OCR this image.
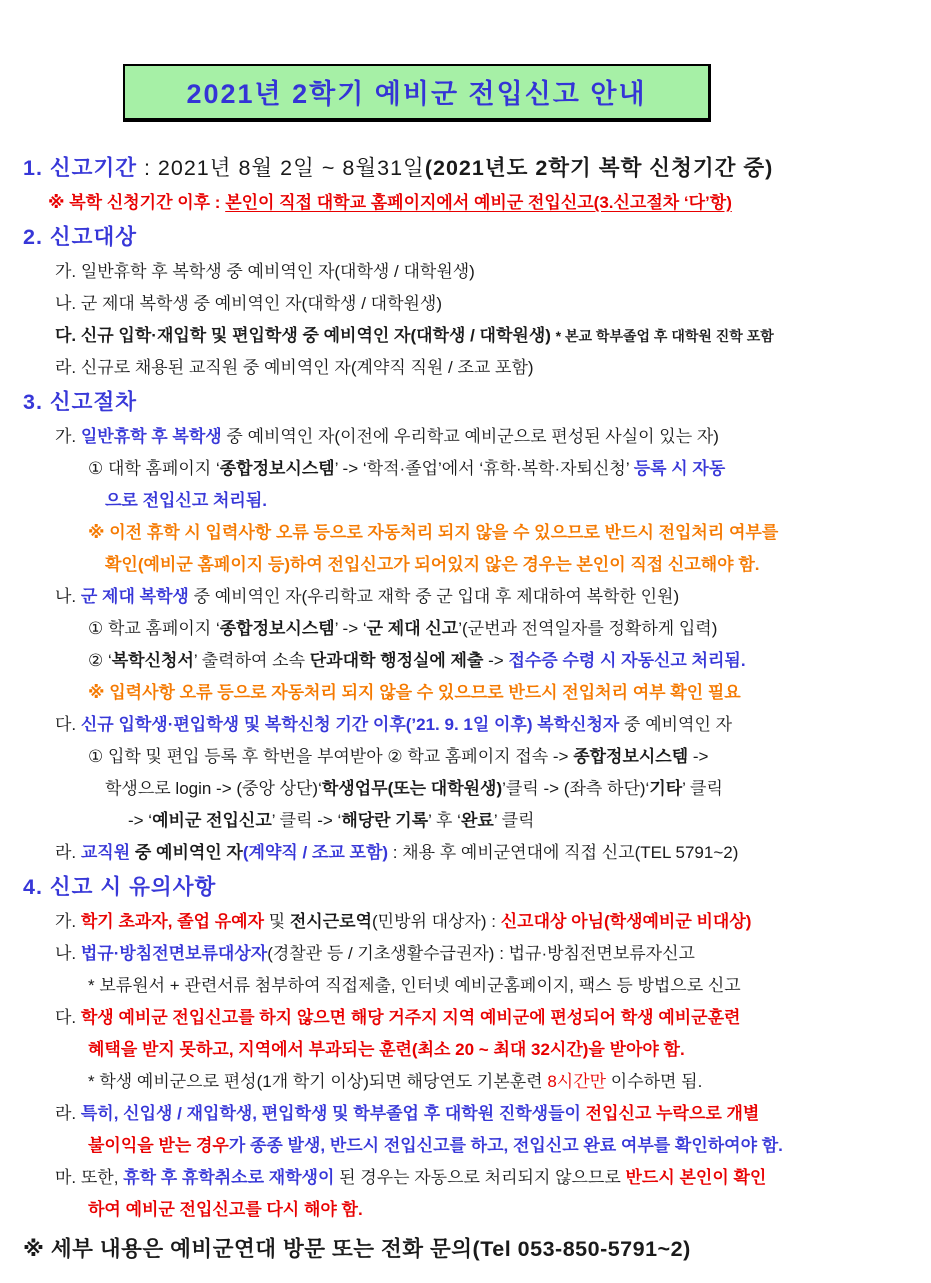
2021년 2학기 예비군 전입신고 안내
1. 신고기간 : 2021년 8월 2일 ~ 8월31일(2021년도 2학기 복학 신청기간 중)
※ 복학 신청기간 이후 : 본인이 직접 대학교 홈페이지에서 예비군 전입신고(3.신고절차 ‘다’항)
2. 신고대상
가. 일반휴학 후 복학생 중 예비역인 자(대학생 / 대학원생)
나. 군 제대 복학생 중 예비역인 자(대학생 / 대학원생)
다. 신규 입학·재입학 및 편입학생 중 예비역인 자(대학생 / 대학원생) * 본교 학부졸업 후 대학원 진학 포함
라. 신규로 채용된 교직원 중 예비역인 자(계약직 직원 / 조교 포함)
3. 신고절차
가. 일반휴학 후 복학생 중 예비역인 자(이전에 우리학교 예비군으로 편성된 사실이 있는 자)
① 대학 홈페이지 ‘종합정보시스템’ -> ‘학적·졸업’에서 ‘휴학·복학·자퇴신청’ 등록 시 자동
으로 전입신고 처리됨.
※ 이전 휴학 시 입력사항 오류 등으로 자동처리 되지 않을 수 있으므로 반드시 전입처리 여부를
확인(예비군 홈페이지 등)하여 전입신고가 되어있지 않은 경우는 본인이 직접 신고해야 함.
나. 군 제대 복학생 중 예비역인 자(우리학교 재학 중 군 입대 후 제대하여 복학한 인원)
① 학교 홈페이지 ‘종합정보시스템’ -> ‘군 제대 신고’(군번과 전역일자를 정확하게 입력)
② ‘복학신청서’ 출력하여 소속 단과대학 행정실에 제출 -> 접수증 수령 시 자동신고 처리됨.
※ 입력사항 오류 등으로 자동처리 되지 않을 수 있으므로 반드시 전입처리 여부 확인 필요
다. 신규 입학생·편입학생 및 복학신청 기간 이후(’21. 9. 1일 이후) 복학신청자 중 예비역인 자
① 입학 및 편입 등록 후 학번을 부여받아 ② 학교 홈페이지 접속 -> 종합정보시스템 ->
학생으로 login -> (중앙 상단)‘학생업무(또는 대학원생)’클릭 -> (좌측 하단)‘기타’ 클릭
-> ‘예비군 전입신고’ 클릭 -> ‘해당란 기록’ 후 ‘완료’ 클릭
라. 교직원 중 예비역인 자(계약직 / 조교 포함) : 채용 후 예비군연대에 직접 신고(TEL 5791~2)
4. 신고 시 유의사항
가. 학기 초과자, 졸업 유예자 및 전시근로역(민방위 대상자) : 신고대상 아님(학생예비군 비대상)
나. 법규·방침전면보류대상자(경찰관 등 / 기초생활수급권자) : 법규·방침전면보류자신고
* 보류원서 + 관련서류 첨부하여 직접제출, 인터넷 예비군홈페이지, 팩스 등 방법으로 신고
다. 학생 예비군 전입신고를 하지 않으면 해당 거주지 지역 예비군에 편성되어 학생 예비군훈련
혜택을 받지 못하고, 지역에서 부과되는 훈련(최소 20 ~ 최대 32시간)을 받아야 함.
* 학생 예비군으로 편성(1개 학기 이상)되면 해당연도 기본훈련 8시간만 이수하면 됨.
라. 특히, 신입생 / 재입학생, 편입학생 및 학부졸업 후 대학원 진학생들이 전입신고 누락으로 개별
불이익을 받는 경우가 종종 발생, 반드시 전입신고를 하고, 전입신고 완료 여부를 확인하여야 함.
마. 또한, 휴학 후 휴학취소로 재학생이 된 경우는 자동으로 처리되지 않으므로 반드시 본인이 확인
하여 예비군 전입신고를 다시 해야 함.
※ 세부 내용은 예비군연대 방문 또는 전화 문의(Tel 053-850-5791~2)
